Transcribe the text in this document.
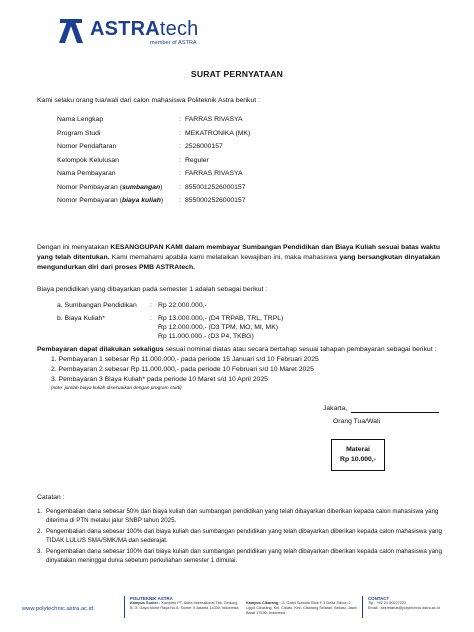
ASTRAtech
member of ASTRA
SURAT PERNYATAAN
Kami selaku orang tua/wali dari calon mahasiswa Politeknik Astra berikut :
Nama Lengkap	: FARRAS RIVASYA
Program Studi	: MEKATRONIKA (MK)
Nomor Pendaftaran	: 2526000157
Kelompok Kelulusan	: Reguler
Nama Pembayaran	: FARRAS RIVASYA
Nomor Pembayaran (sumbangan)	: 8550012526000157
Nomor Pembayaran (biaya kuliah)	: 8550002526000157
Dengan ini menyatakan KESANGGUPAN KAMI dalam membayar Sumbangan Pendidikan dan Biaya Kuliah sesuai batas waktu yang telah ditentukan. Kami memahami apabila kami melalaikan kewajiban ini, maka mahasiswa yang bersangkutan dinyatakan mengundurkan diri dari proses PMB ASTRAtech.
Biaya pendidikan yang dibayarkan pada semester 1 adalah sebagai berikut :
a. Sumbangan Pendidikan	: Rp 22.000.000,-
b. Biaya Kuliah*	: Rp 13.000.000,- (D4 TRPAB, TRL, TRPL)
Rp 12.000.000,- (D3 TPM, MO, MI, MK)
Rp 11.000.000,- (D3 P4, TKBG)
Pembayaran dapat dilakukan sekaligus sesuai nominal diatas atau secara bertahap sesuai tahapan pembayaran sebagai berikut :
1. Pembayaran 1 sebesar Rp 11.000.000,- pada periode 15 Januari s/d 10 Februari 2025
2. Pembayaran 2 sebesar Rp 11.000.000,- pada periode 10 Februari s/d 10 Maret 2025
3. Pembayaran 3 Biaya Kuliah* pada periode 10 Maret s/d 10 April 2025
(note: jumlah biaya kuliah disesuaikan dengan program studi)
Jakarta,
Orang Tua/Wali
Materai
Rp 10.000,-
Catatan :
1. Pengembalian dana sebesar 50% dari biaya kuliah dan sumbangan pendidikan yang telah dibayarkan diberikan kepada calon mahasiswa yang diterima di PTN melalui jalur SNBP tahun 2025.
2. Pengembalian dana sebesar 100% dari biaya kuliah dan sumbangan pendidikan yang telah dibayarkan diberikan kepada calon mahasiswa yang TIDAK LULUS SMA/SMK/MA dan sederajat.
3. Pengembalian dana sebesar 100% dari biaya kuliah dan sumbangan pendidikan yang telah dibayarkan diberikan kepada calon mahasiswa yang dinyatakan meninggal dunia sebelum perkuliahan semester 1 dimulai.
www.polytechnic.astra.ac.id
POLITEKNIK ASTRA
Kampus Sunter : Komplek PT. Astra International Tbk. Gedung B. Jl. Gaya Motor Raya No.8, Sunter II Jakarta 14330, Indonesia
Kampus Cikarang : Jl. Gatot Subroto Blok F-3 Delta Silicon 2 Lippo Cikarang, Kel. Cibatu, Kec. Cikarang Selatan, Bekasi, Jawa Barat 17530, Indonesia
CONTACT
Tlp : +62 21 50227222
Email : sekretariat@polytechnic.astra.ac.id
